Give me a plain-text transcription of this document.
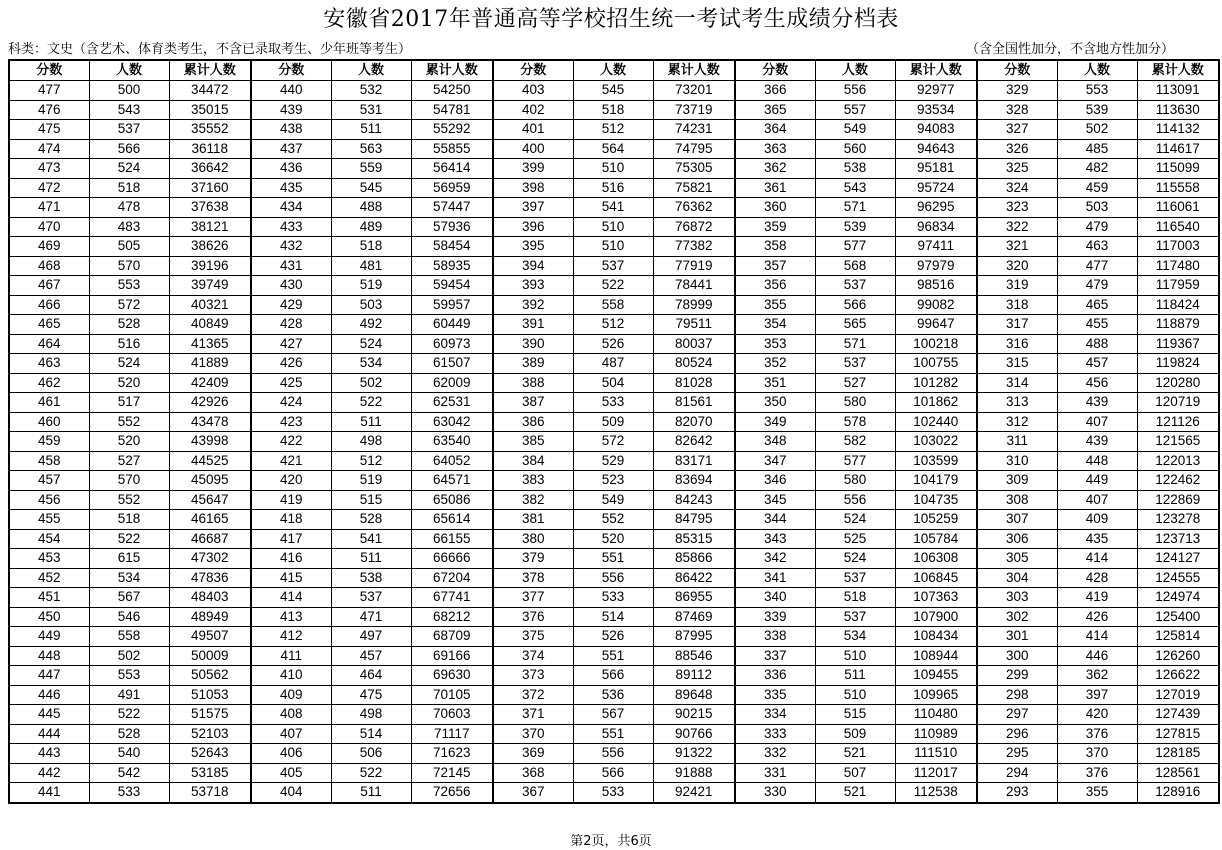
安徽省2017年普通高等学校招生统一考试考生成绩分档表
科类：文史（含艺术、体育类考生，不含已录取考生、少年班等考生）	（含全国性加分，不含地方性加分）
分数	人数	累计人数	分数	人数	累计人数	分数	人数	累计人数	分数	人数	累计人数	分数	人数	累计人数
477	500	34472	440	532	54250	403	545	73201	366	556	92977	329	553	113091
476	543	35015	439	531	54781	402	518	73719	365	557	93534	328	539	113630
475	537	35552	438	511	55292	401	512	74231	364	549	94083	327	502	114132
474	566	36118	437	563	55855	400	564	74795	363	560	94643	326	485	114617
473	524	36642	436	559	56414	399	510	75305	362	538	95181	325	482	115099
472	518	37160	435	545	56959	398	516	75821	361	543	95724	324	459	115558
471	478	37638	434	488	57447	397	541	76362	360	571	96295	323	503	116061
470	483	38121	433	489	57936	396	510	76872	359	539	96834	322	479	116540
469	505	38626	432	518	58454	395	510	77382	358	577	97411	321	463	117003
468	570	39196	431	481	58935	394	537	77919	357	568	97979	320	477	117480
467	553	39749	430	519	59454	393	522	78441	356	537	98516	319	479	117959
466	572	40321	429	503	59957	392	558	78999	355	566	99082	318	465	118424
465	528	40849	428	492	60449	391	512	79511	354	565	99647	317	455	118879
464	516	41365	427	524	60973	390	526	80037	353	571	100218	316	488	119367
463	524	41889	426	534	61507	389	487	80524	352	537	100755	315	457	119824
462	520	42409	425	502	62009	388	504	81028	351	527	101282	314	456	120280
461	517	42926	424	522	62531	387	533	81561	350	580	101862	313	439	120719
460	552	43478	423	511	63042	386	509	82070	349	578	102440	312	407	121126
459	520	43998	422	498	63540	385	572	82642	348	582	103022	311	439	121565
458	527	44525	421	512	64052	384	529	83171	347	577	103599	310	448	122013
457	570	45095	420	519	64571	383	523	83694	346	580	104179	309	449	122462
456	552	45647	419	515	65086	382	549	84243	345	556	104735	308	407	122869
455	518	46165	418	528	65614	381	552	84795	344	524	105259	307	409	123278
454	522	46687	417	541	66155	380	520	85315	343	525	105784	306	435	123713
453	615	47302	416	511	66666	379	551	85866	342	524	106308	305	414	124127
452	534	47836	415	538	67204	378	556	86422	341	537	106845	304	428	124555
451	567	48403	414	537	67741	377	533	86955	340	518	107363	303	419	124974
450	546	48949	413	471	68212	376	514	87469	339	537	107900	302	426	125400
449	558	49507	412	497	68709	375	526	87995	338	534	108434	301	414	125814
448	502	50009	411	457	69166	374	551	88546	337	510	108944	300	446	126260
447	553	50562	410	464	69630	373	566	89112	336	511	109455	299	362	126622
446	491	51053	409	475	70105	372	536	89648	335	510	109965	298	397	127019
445	522	51575	408	498	70603	371	567	90215	334	515	110480	297	420	127439
444	528	52103	407	514	71117	370	551	90766	333	509	110989	296	376	127815
443	540	52643	406	506	71623	369	556	91322	332	521	111510	295	370	128185
442	542	53185	405	522	72145	368	566	91888	331	507	112017	294	376	128561
441	533	53718	404	511	72656	367	533	92421	330	521	112538	293	355	128916
第2页，共6页
